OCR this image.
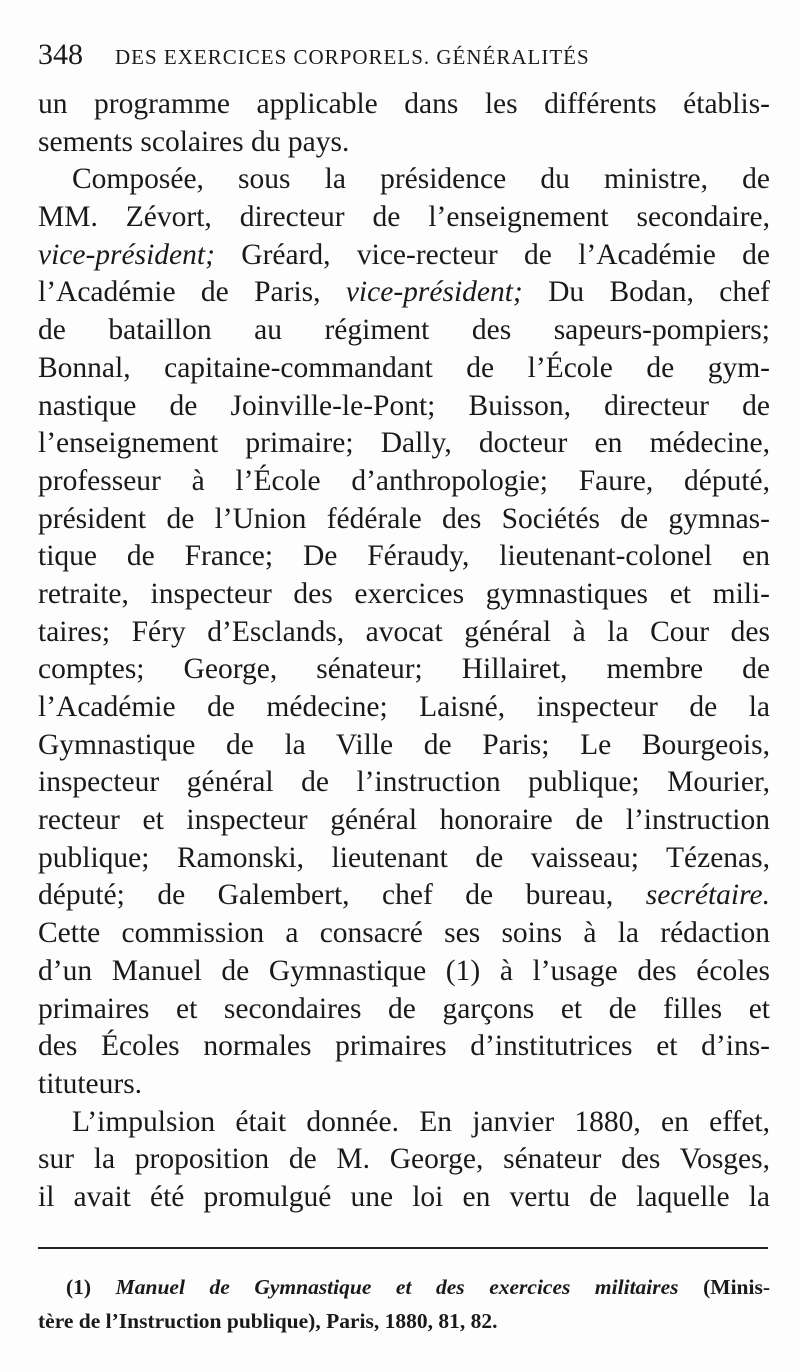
348 DES EXERCICES CORPORELS. GÉNÉRALITÉS
un programme applicable dans les différents établis-
sements scolaires du pays.
Composée, sous la présidence du ministre, de
MM. Zévort, directeur de l’enseignement secondaire,
vice-président; Gréard, vice-recteur de l’Académie de
l’Académie de Paris, vice-président; Du Bodan, chef
de bataillon au régiment des sapeurs-pompiers;
Bonnal, capitaine-commandant de l’École de gym-
nastique de Joinville-le-Pont; Buisson, directeur de
l’enseignement primaire; Dally, docteur en médecine,
professeur à l’École d’anthropologie; Faure, député,
président de l’Union fédérale des Sociétés de gymnas-
tique de France; De Féraudy, lieutenant-colonel en
retraite, inspecteur des exercices gymnastiques et mili-
taires; Féry d’Esclands, avocat général à la Cour des
comptes; George, sénateur; Hillairet, membre de
l’Académie de médecine; Laisné, inspecteur de la
Gymnastique de la Ville de Paris; Le Bourgeois,
inspecteur général de l’instruction publique; Mourier,
recteur et inspecteur général honoraire de l’instruction
publique; Ramonski, lieutenant de vaisseau; Tézenas,
député; de Galembert, chef de bureau, secrétaire.
Cette commission a consacré ses soins à la rédaction
d’un Manuel de Gymnastique (1) à l’usage des écoles
primaires et secondaires de garçons et de filles et
des Écoles normales primaires d’institutrices et d’ins-
tituteurs.
L’impulsion était donnée. En janvier 1880, en effet,
sur la proposition de M. George, sénateur des Vosges,
il avait été promulgué une loi en vertu de laquelle la
(1) Manuel de Gymnastique et des exercices militaires (Minis-
tère de l’Instruction publique), Paris, 1880, 81, 82.
